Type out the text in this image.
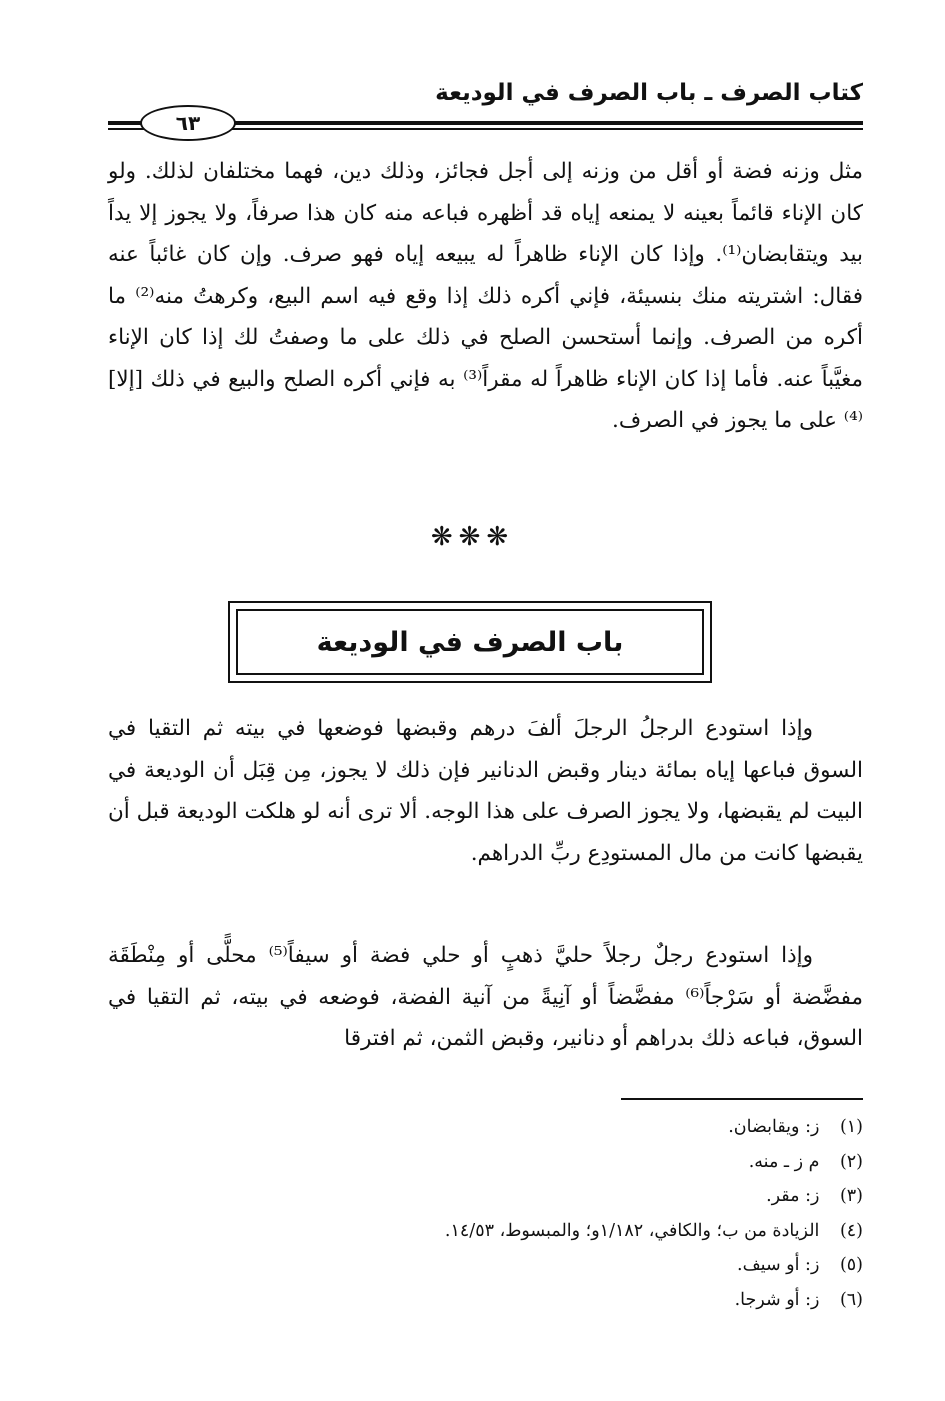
كتاب الصرف ـ باب الصرف في الوديعة
٦٣

مثل وزنه فضة أو أقل من وزنه إلى أجل فجائز، وذلك دين، فهما مختلفان لذلك. ولو كان الإناء قائماً بعينه لا يمنعه إياه قد أظهره فباعه منه كان هذا صرفاً، ولا يجوز إلا يداً بيد ويتقابضان⁽¹⁾. وإذا كان الإناء ظاهراً له يبيعه إياه فهو صرف. وإن كان غائباً عنه فقال: اشتريته منك بنسيئة، فإني أكره ذلك إذا وقع فيه اسم البيع، وكرهتُ منه⁽²⁾ ما أكره من الصرف. وإنما أستحسن الصلح في ذلك على ما وصفتُ لك إذا كان الإناء مغيَّباً عنه. فأما إذا كان الإناء ظاهراً له مقراً⁽³⁾ به فإني أكره الصلح والبيع في ذلك [إلا]⁽⁴⁾ على ما يجوز في الصرف.

❋❋❋
باب الصرف في الوديعة

وإذا استودع الرجلُ الرجلَ ألفَ درهم وقبضها فوضعها في بيته ثم التقيا في السوق فباعها إياه بمائة دينار وقبض الدنانير فإن ذلك لا يجوز، مِن قِبَل أن الوديعة في البيت لم يقبضها، ولا يجوز الصرف على هذا الوجه. ألا ترى أنه لو هلكت الوديعة قبل أن يقبضها كانت من مال المستودِع ربِّ الدراهم.

وإذا استودع رجلٌ رجلاً حليَّ ذهبٍ أو حلي فضة أو سيفاً⁽⁵⁾ محلًّى أو مِنْطَقَة مفضَّضة أو سَرْجاً⁽⁶⁾ مفضَّضاً أو آنِيةً من آنية الفضة، فوضعه في بيته، ثم التقيا في السوق، فباعه ذلك بدراهم أو دنانير، وقبض الثمن، ثم افترقا

(١) ز: ويقابضان.
(٢) م ز ـ منه.
(٣) ز: مقر.
(٤) الزيادة من ب؛ والكافي، ١/١٨٢و؛ والمبسوط، ١٤/٥٣.
(٥) ز: أو سيف.
(٦) ز: أو شرجا.
